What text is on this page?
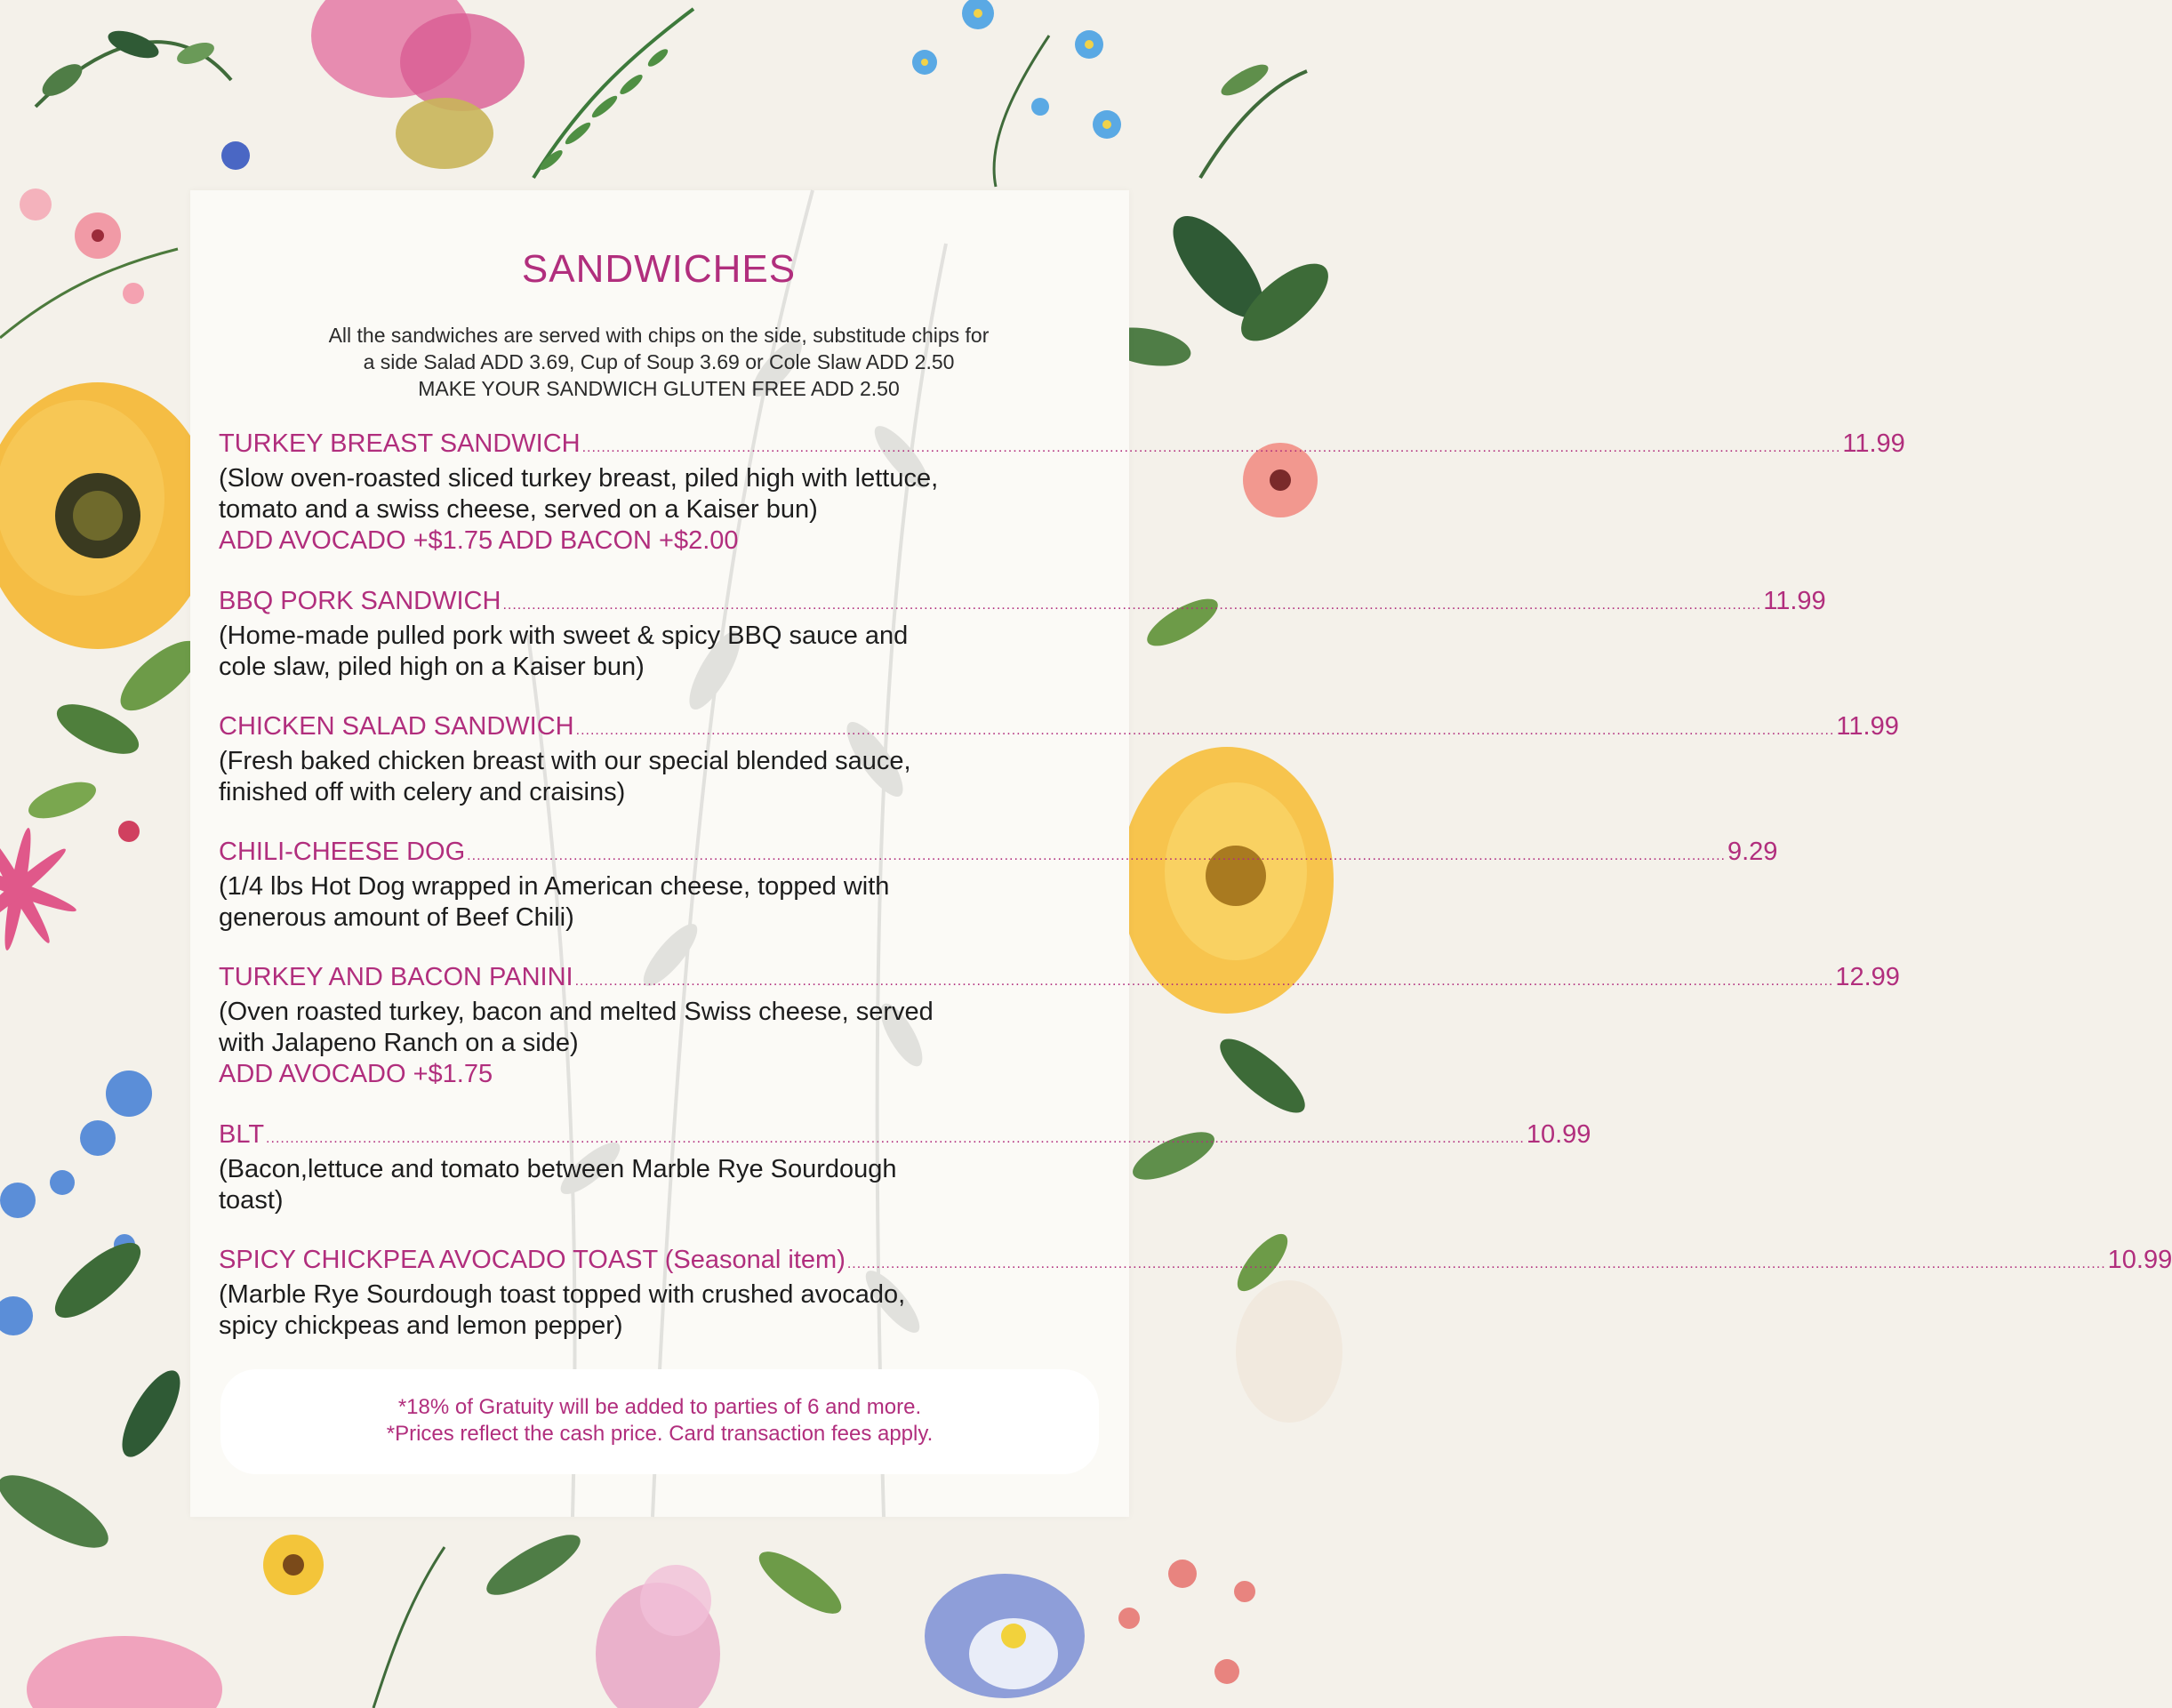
SANDWICHES
All the sandwiches are served with chips on the side, substitude chips for
a side Salad ADD 3.69, Cup of Soup 3.69 or Cole Slaw ADD 2.50
MAKE YOUR SANDWICH GLUTEN FREE ADD 2.50
TURKEY BREAST SANDWICH .................................................................................................................................................................................................................................................................... 11.99
(Slow oven-roasted sliced turkey breast, piled high with lettuce,
tomato and a swiss cheese, served on a Kaiser bun)
ADD AVOCADO +$1.75 ADD BACON +$2.00
BBQ PORK SANDWICH .................................................................................................................................................................................................................................................................... 11.99
(Home-made pulled pork with sweet & spicy BBQ sauce and
cole slaw, piled high on a Kaiser bun)
CHICKEN SALAD SANDWICH .................................................................................................................................................................................................................................................................... 11.99
(Fresh baked chicken breast with our special blended sauce,
finished off with celery and craisins)
CHILI-CHEESE DOG .................................................................................................................................................................................................................................................................... 9.29
(1/4 lbs Hot Dog wrapped in American cheese, topped with
generous amount of Beef Chili)
TURKEY AND BACON PANINI .................................................................................................................................................................................................................................................................... 12.99
(Oven roasted turkey, bacon and melted Swiss cheese, served
with Jalapeno Ranch on a side)
ADD AVOCADO +$1.75
BLT .................................................................................................................................................................................................................................................................... 10.99
(Bacon,lettuce and tomato between Marble Rye Sourdough
toast)
SPICY CHICKPEA AVOCADO TOAST (Seasonal item) .................................................................................................................................................................................................................................................................... 10.99
(Marble Rye Sourdough toast topped with crushed avocado,
spicy chickpeas and lemon pepper)
*18% of Gratuity will be added to parties of 6 and more.
*Prices reflect the cash price. Card transaction fees apply.
